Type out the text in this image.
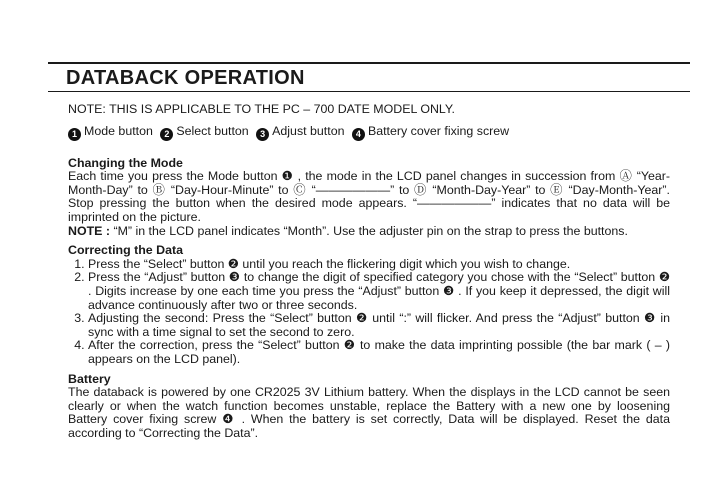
DATABACK OPERATION
NOTE: THIS IS APPLICABLE TO THE PC – 700 DATE MODEL ONLY.
1 Mode button 2 Select button 3 Adjust button 4 Battery cover fixing screw
Changing the Mode

Each time you press the Mode button ❶ , the mode in the LCD panel changes in succession from Ⓐ “Year-Month-Day” to Ⓑ “Day-Hour-Minute” to Ⓒ “——————” to Ⓓ “Month-Day-Year” to Ⓔ “Day-Month-Year”. Stop pressing the button when the desired mode appears. “——————” indicates that no data will be imprinted on the picture.

NOTE : “M” in the LCD panel indicates “Month”. Use the adjuster pin on the strap to press the buttons.

Correcting the Data
1. Press the “Select” button ❷ until you reach the flickering digit which you wish to change.
2. Press the “Adjust” button ❸ to change the digit of specified category you chose with the “Select” button ❷ . Digits increase by one each time you press the “Adjust” button ❸ . If you keep it depressed, the digit will advance continuously after two or three seconds.
3. Adjusting the second: Press the “Select” button ❷ until “:” will flicker. And press the “Adjust” button ❸ in sync with a time signal to set the second to zero.
4. After the correction, press the “Select” button ❷ to make the data imprinting possible (the bar mark ( – ) appears on the LCD panel).
Battery

The databack is powered by one CR2025 3V Lithium battery. When the displays in the LCD cannot be seen clearly or when the watch function becomes unstable, replace the Battery with a new one by loosening Battery cover fixing screw ❹ . When the battery is set correctly, Data will be displayed. Reset the data according to “Correcting the Data”.
